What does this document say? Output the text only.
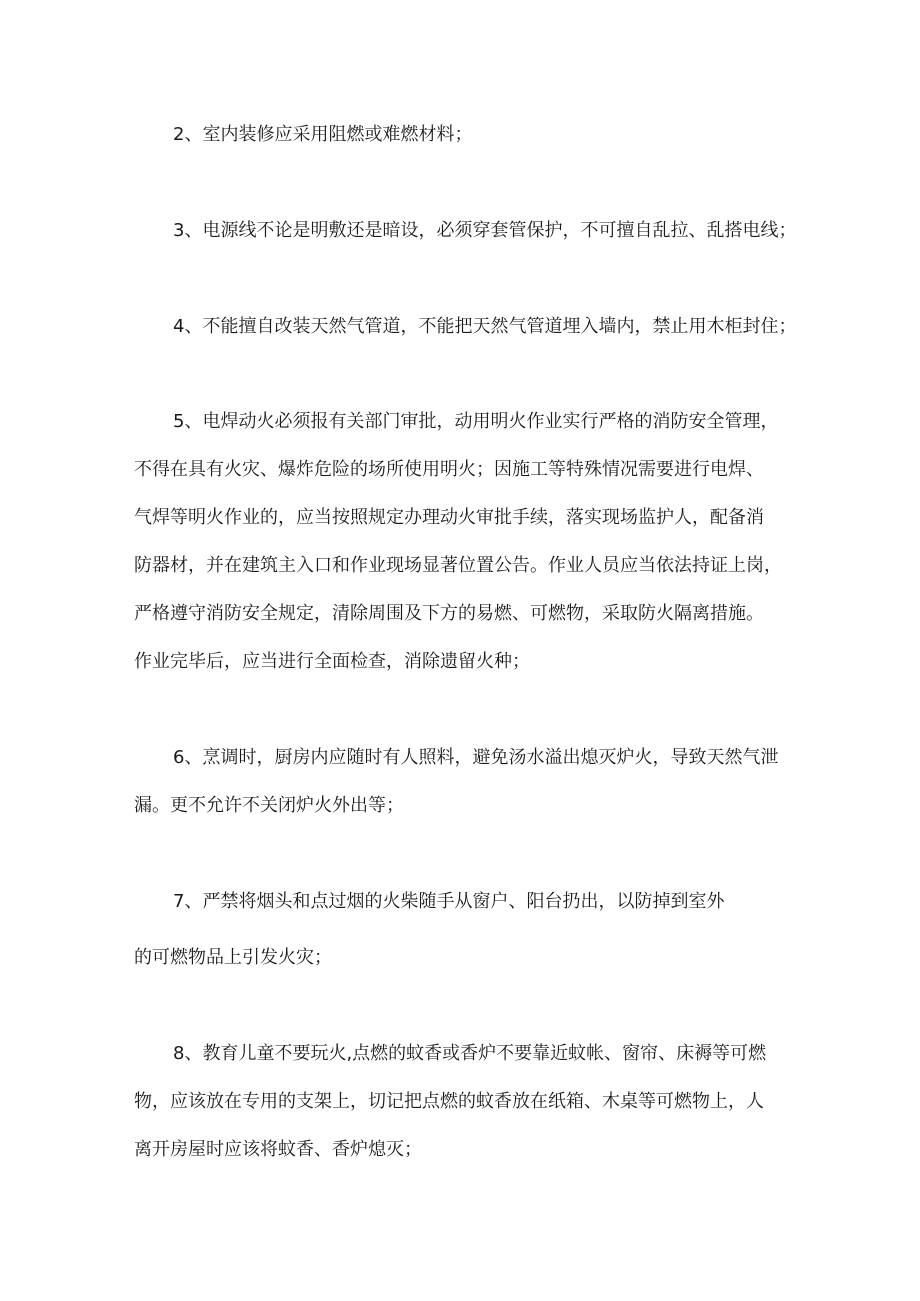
2、室内装修应采用阻燃或难燃材料；
3、电源线不论是明敷还是暗设，必须穿套管保护，不可擅自乱拉、乱搭电线；
4、不能擅自改装天然气管道，不能把天然气管道埋入墙内，禁止用木柜封住；
5、电焊动火必须报有关部门审批，动用明火作业实行严格的消防安全管理，
不得在具有火灾、爆炸危险的场所使用明火；因施工等特殊情况需要进行电焊、
气焊等明火作业的，应当按照规定办理动火审批手续，落实现场监护人，配备消
防器材，并在建筑主入口和作业现场显著位置公告。作业人员应当依法持证上岗，
严格遵守消防安全规定，清除周围及下方的易燃、可燃物，采取防火隔离措施。
作业完毕后，应当进行全面检查，消除遗留火种；
6、烹调时，厨房内应随时有人照料，避免汤水溢出熄灭炉火，导致天然气泄
漏。更不允许不关闭炉火外出等；
7、严禁将烟头和点过烟的火柴随手从窗户、阳台扔出，以防掉到室外
的可燃物品上引发火灾；
8、教育儿童不要玩火,点燃的蚊香或香炉不要靠近蚊帐、窗帘、床褥等可燃
物，应该放在专用的支架上，切记把点燃的蚊香放在纸箱、木桌等可燃物上，人
离开房屋时应该将蚊香、香炉熄灭；
